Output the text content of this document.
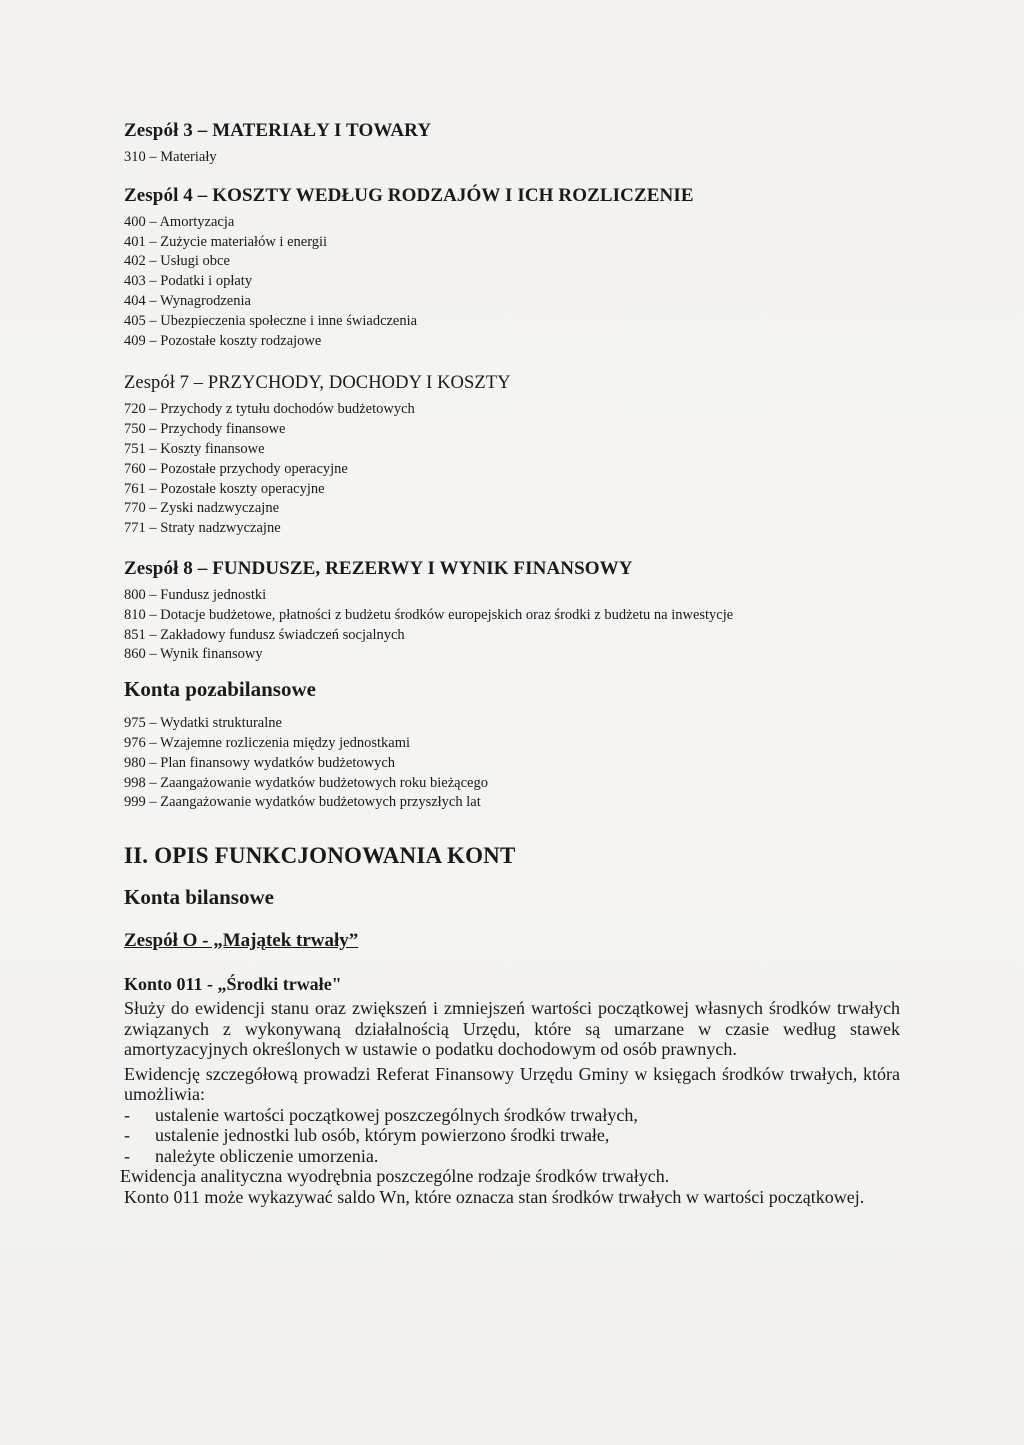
Zespół 3 – MATERIAŁY I TOWARY
310 – Materiały
Zespól 4 – KOSZTY WEDŁUG RODZAJÓW I ICH ROZLICZENIE
400 – Amortyzacja
401 – Zużycie materiałów i energii
402 – Usługi obce
403 – Podatki i opłaty
404 – Wynagrodzenia
405 – Ubezpieczenia społeczne i inne świadczenia
409 – Pozostałe koszty rodzajowe
Zespół 7 – PRZYCHODY, DOCHODY I KOSZTY
720 – Przychody z tytułu dochodów budżetowych
750 – Przychody finansowe
751 – Koszty finansowe
760 – Pozostałe przychody operacyjne
761 – Pozostałe koszty operacyjne
770 – Zyski nadzwyczajne
771 – Straty nadzwyczajne
Zespół 8 – FUNDUSZE, REZERWY I WYNIK FINANSOWY
800 – Fundusz jednostki
810 – Dotacje budżetowe, płatności z budżetu środków europejskich oraz środki z budżetu na inwestycje
851 – Zakładowy fundusz świadczeń socjalnych
860 – Wynik finansowy
Konta pozabilansowe
975 – Wydatki strukturalne
976 – Wzajemne rozliczenia między jednostkami
980 – Plan finansowy wydatków budżetowych
998 – Zaangażowanie wydatków budżetowych roku bieżącego
999 – Zaangażowanie wydatków budżetowych przyszłych lat
II. OPIS FUNKCJONOWANIA KONT
Konta bilansowe
Zespół O - „Majątek trwały”
Konto 011 - „Środki trwałe"

Służy do ewidencji stanu oraz zwiększeń i zmniejszeń wartości początkowej własnych środków trwałych związanych z wykonywaną działalnością Urzędu, które są umarzane w czasie według stawek amortyzacyjnych określonych w ustawie o podatku dochodowym od osób prawnych.

Ewidencję szczegółową prowadzi Referat Finansowy Urzędu Gminy w księgach środków trwałych, która umożliwia:

- ustalenie wartości początkowej poszczególnych środków trwałych,
- ustalenie jednostki lub osób, którym powierzono środki trwałe,
- należyte obliczenie umorzenia.

Ewidencja analityczna wyodrębnia poszczególne rodzaje środków trwałych.

Konto 011 może wykazywać saldo Wn, które oznacza stan środków trwałych w wartości początkowej.
